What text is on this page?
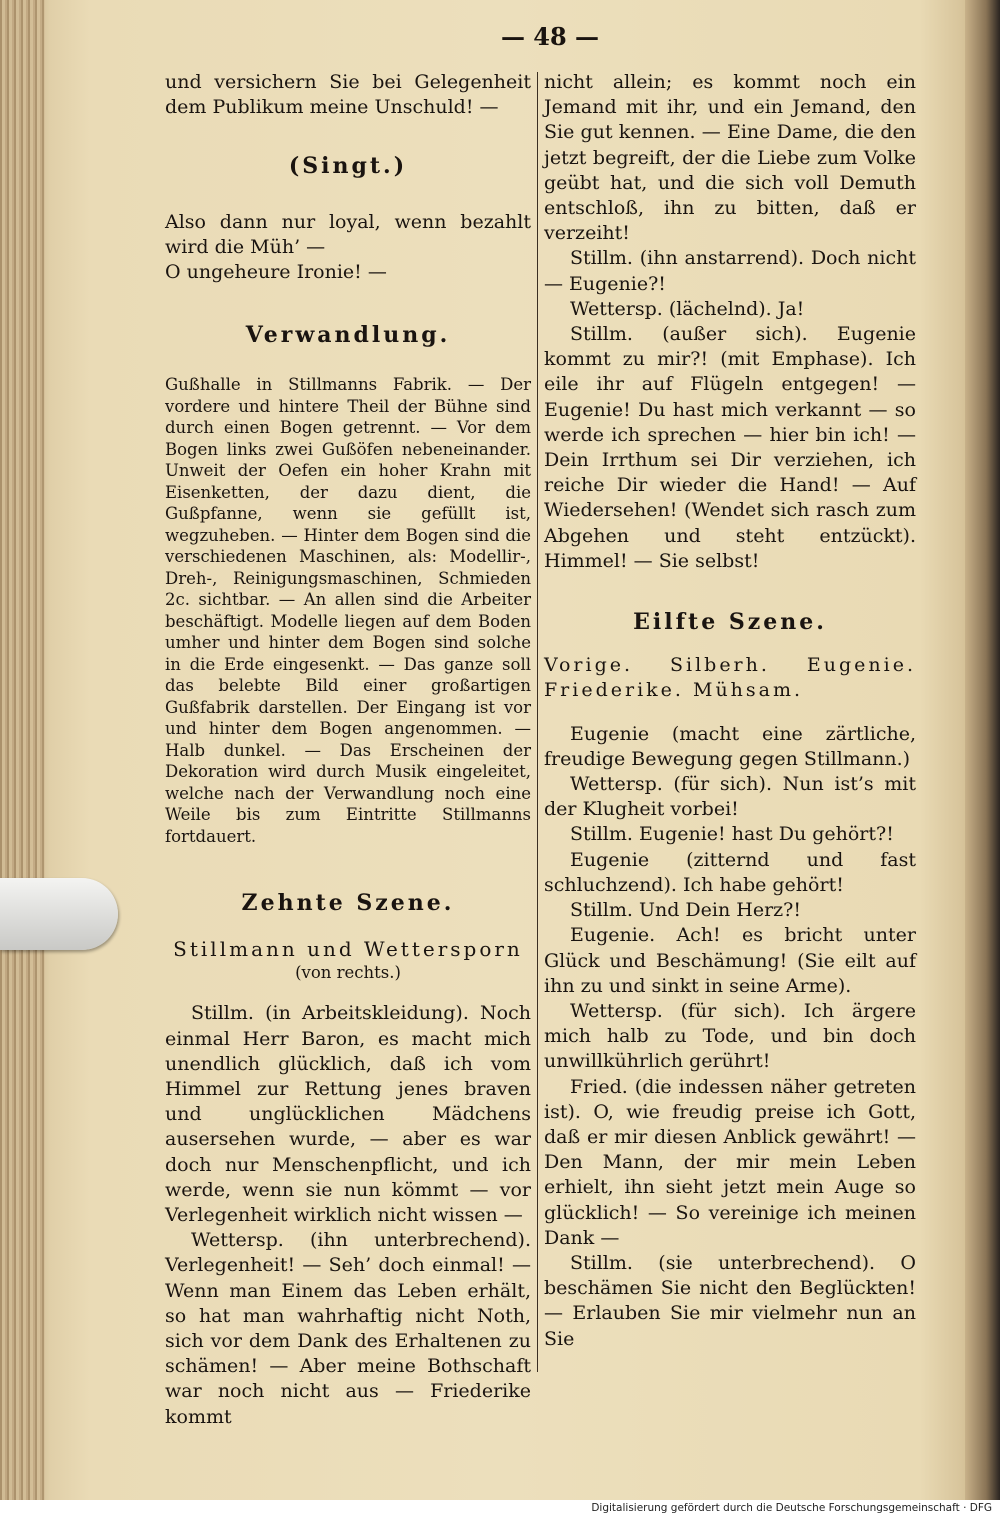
— 48 —

und versichern Sie bei Gelegenheit dem Publikum meine Unschuld! —

(Singt.)

Also dann nur loyal, wenn bezahlt wird die Müh’ —

O ungeheure Ironie! —

Verwandlung.

Gußhalle in Stillmanns Fabrik. — Der vordere und hintere Theil der Bühne sind durch einen Bogen getrennt. — Vor dem Bogen links zwei Gußöfen nebeneinander. Unweit der Oefen ein hoher Krahn mit Eisenketten, der dazu dient, die Gußpfanne, wenn sie gefüllt ist, wegzuheben. — Hinter dem Bogen sind die verschiedenen Maschinen, als: Modellir-, Dreh-, Reinigungsmaschinen, Schmieden 2c. sichtbar. — An allen sind die Arbeiter beschäftigt. Modelle liegen auf dem Boden umher und hinter dem Bogen sind solche in die Erde eingesenkt. — Das ganze soll das belebte Bild einer großartigen Gußfabrik darstellen. Der Eingang ist vor und hinter dem Bogen angenommen. — Halb dunkel. — Das Erscheinen der Dekoration wird durch Musik eingeleitet, welche nach der Verwandlung noch eine Weile bis zum Eintritte Stillmanns fortdauert.

Zehnte Szene.

Stillmann und Wettersporn

(von rechts.)

Stillm. (in Arbeitskleidung). Noch einmal Herr Baron, es macht mich unendlich glücklich, daß ich vom Himmel zur Rettung jenes braven und unglücklichen Mädchens ausersehen wurde, — aber es war doch nur Menschenpflicht, und ich werde, wenn sie nun kömmt — vor Verlegenheit wirklich nicht wissen —

Wettersp. (ihn unterbrechend). Verlegenheit! — Seh’ doch einmal! — Wenn man Einem das Leben erhält, so hat man wahrhaftig nicht Noth, sich vor dem Dank des Erhaltenen zu schämen! — Aber meine Bothschaft war noch nicht aus — Friederike kommt

nicht allein; es kommt noch ein Jemand mit ihr, und ein Jemand, den Sie gut kennen. — Eine Dame, die den jetzt begreift, der die Liebe zum Volke geübt hat, und die sich voll Demuth entschloß, ihn zu bitten, daß er verzeiht!

Stillm. (ihn anstarrend). Doch nicht — Eugenie?!

Wettersp. (lächelnd). Ja!

Stillm. (außer sich). Eugenie kommt zu mir?! (mit Emphase). Ich eile ihr auf Flügeln entgegen! — Eugenie! Du hast mich verkannt — so werde ich sprechen — hier bin ich! — Dein Irrthum sei Dir verziehen, ich reiche Dir wieder die Hand! — Auf Wiedersehen! (Wendet sich rasch zum Abgehen und steht entzückt). Himmel! — Sie selbst!

Eilfte Szene.

Vorige. Silberh. Eugenie. Friederike. Mühsam.

Eugenie (macht eine zärtliche, freudige Bewegung gegen Stillmann.)

Wettersp. (für sich). Nun ist’s mit der Klugheit vorbei!

Stillm. Eugenie! hast Du gehört?!

Eugenie (zitternd und fast schluchzend). Ich habe gehört!

Stillm. Und Dein Herz?!

Eugenie. Ach! es bricht unter Glück und Beschämung! (Sie eilt auf ihn zu und sinkt in seine Arme).

Wettersp. (für sich). Ich ärgere mich halb zu Tode, und bin doch unwillkührlich gerührt!

Fried. (die indessen näher getreten ist). O, wie freudig preise ich Gott, daß er mir diesen Anblick gewährt! — Den Mann, der mir mein Leben erhielt, ihn sieht jetzt mein Auge so glücklich! — So vereinige ich meinen Dank —

Stillm. (sie unterbrechend). O beschämen Sie nicht den Beglückten! — Erlauben Sie mir vielmehr nun an Sie

Digitalisierung gefördert durch die Deutsche Forschungsgemeinschaft · DFG
